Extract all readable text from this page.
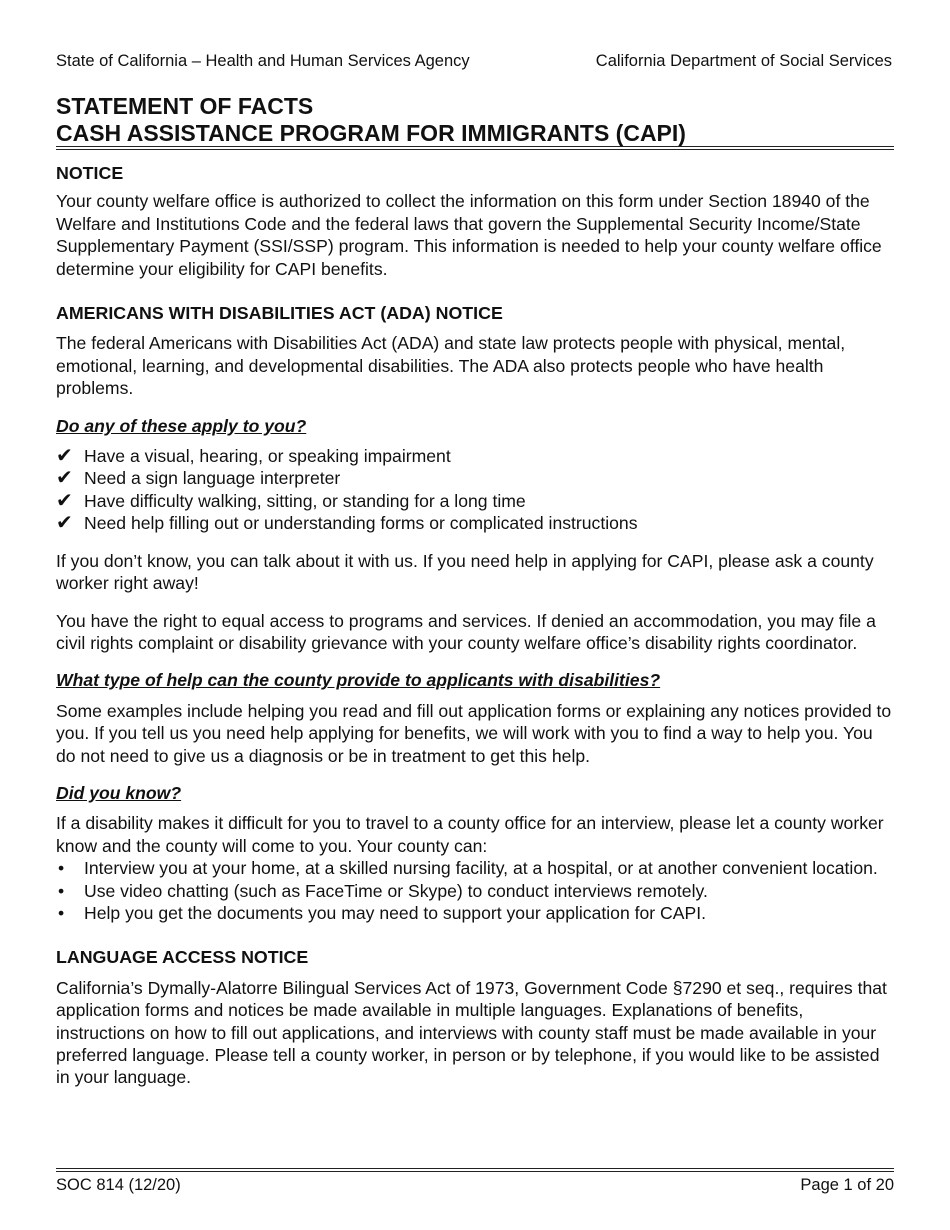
State of California – Health and Human Services Agency	California Department of Social Services
STATEMENT OF FACTS
CASH ASSISTANCE PROGRAM FOR IMMIGRANTS (CAPI)
NOTICE

Your county welfare office is authorized to collect the information on this form under Section 18940 of the Welfare and Institutions Code and the federal laws that govern the Supplemental Security Income/State Supplementary Payment (SSI/SSP) program. This information is needed to help your county welfare office determine your eligibility for CAPI benefits.

AMERICANS WITH DISABILITIES ACT (ADA) NOTICE

The federal Americans with Disabilities Act (ADA) and state law protects people with physical, mental, emotional, learning, and developmental disabilities. The ADA also protects people who have health problems.

Do any of these apply to you?

✔ Have a visual, hearing, or speaking impairment
✔ Need a sign language interpreter
✔ Have difficulty walking, sitting, or standing for a long time
✔ Need help filling out or understanding forms or complicated instructions

If you don’t know, you can talk about it with us. If you need help in applying for CAPI, please ask a county worker right away!

You have the right to equal access to programs and services. If denied an accommodation, you may file a civil rights complaint or disability grievance with your county welfare office’s disability rights coordinator.

What type of help can the county provide to applicants with disabilities?

Some examples include helping you read and fill out application forms or explaining any notices provided to you. If you tell us you need help applying for benefits, we will work with you to find a way to help you. You do not need to give us a diagnosis or be in treatment to get this help.

Did you know?

If a disability makes it difficult for you to travel to a county office for an interview, please let a county worker know and the county will come to you. Your county can:

• Interview you at your home, at a skilled nursing facility, at a hospital, or at another convenient location.
• Use video chatting (such as FaceTime or Skype) to conduct interviews remotely.
• Help you get the documents you may need to support your application for CAPI.
LANGUAGE ACCESS NOTICE

California’s Dymally-Alatorre Bilingual Services Act of 1973, Government Code §7290 et seq., requires that application forms and notices be made available in multiple languages. Explanations of benefits, instructions on how to fill out applications, and interviews with county staff must be made available in your preferred language. Please tell a county worker, in person or by telephone, if you would like to be assisted in your language.

SOC 814 (12/20)	Page 1 of 20
